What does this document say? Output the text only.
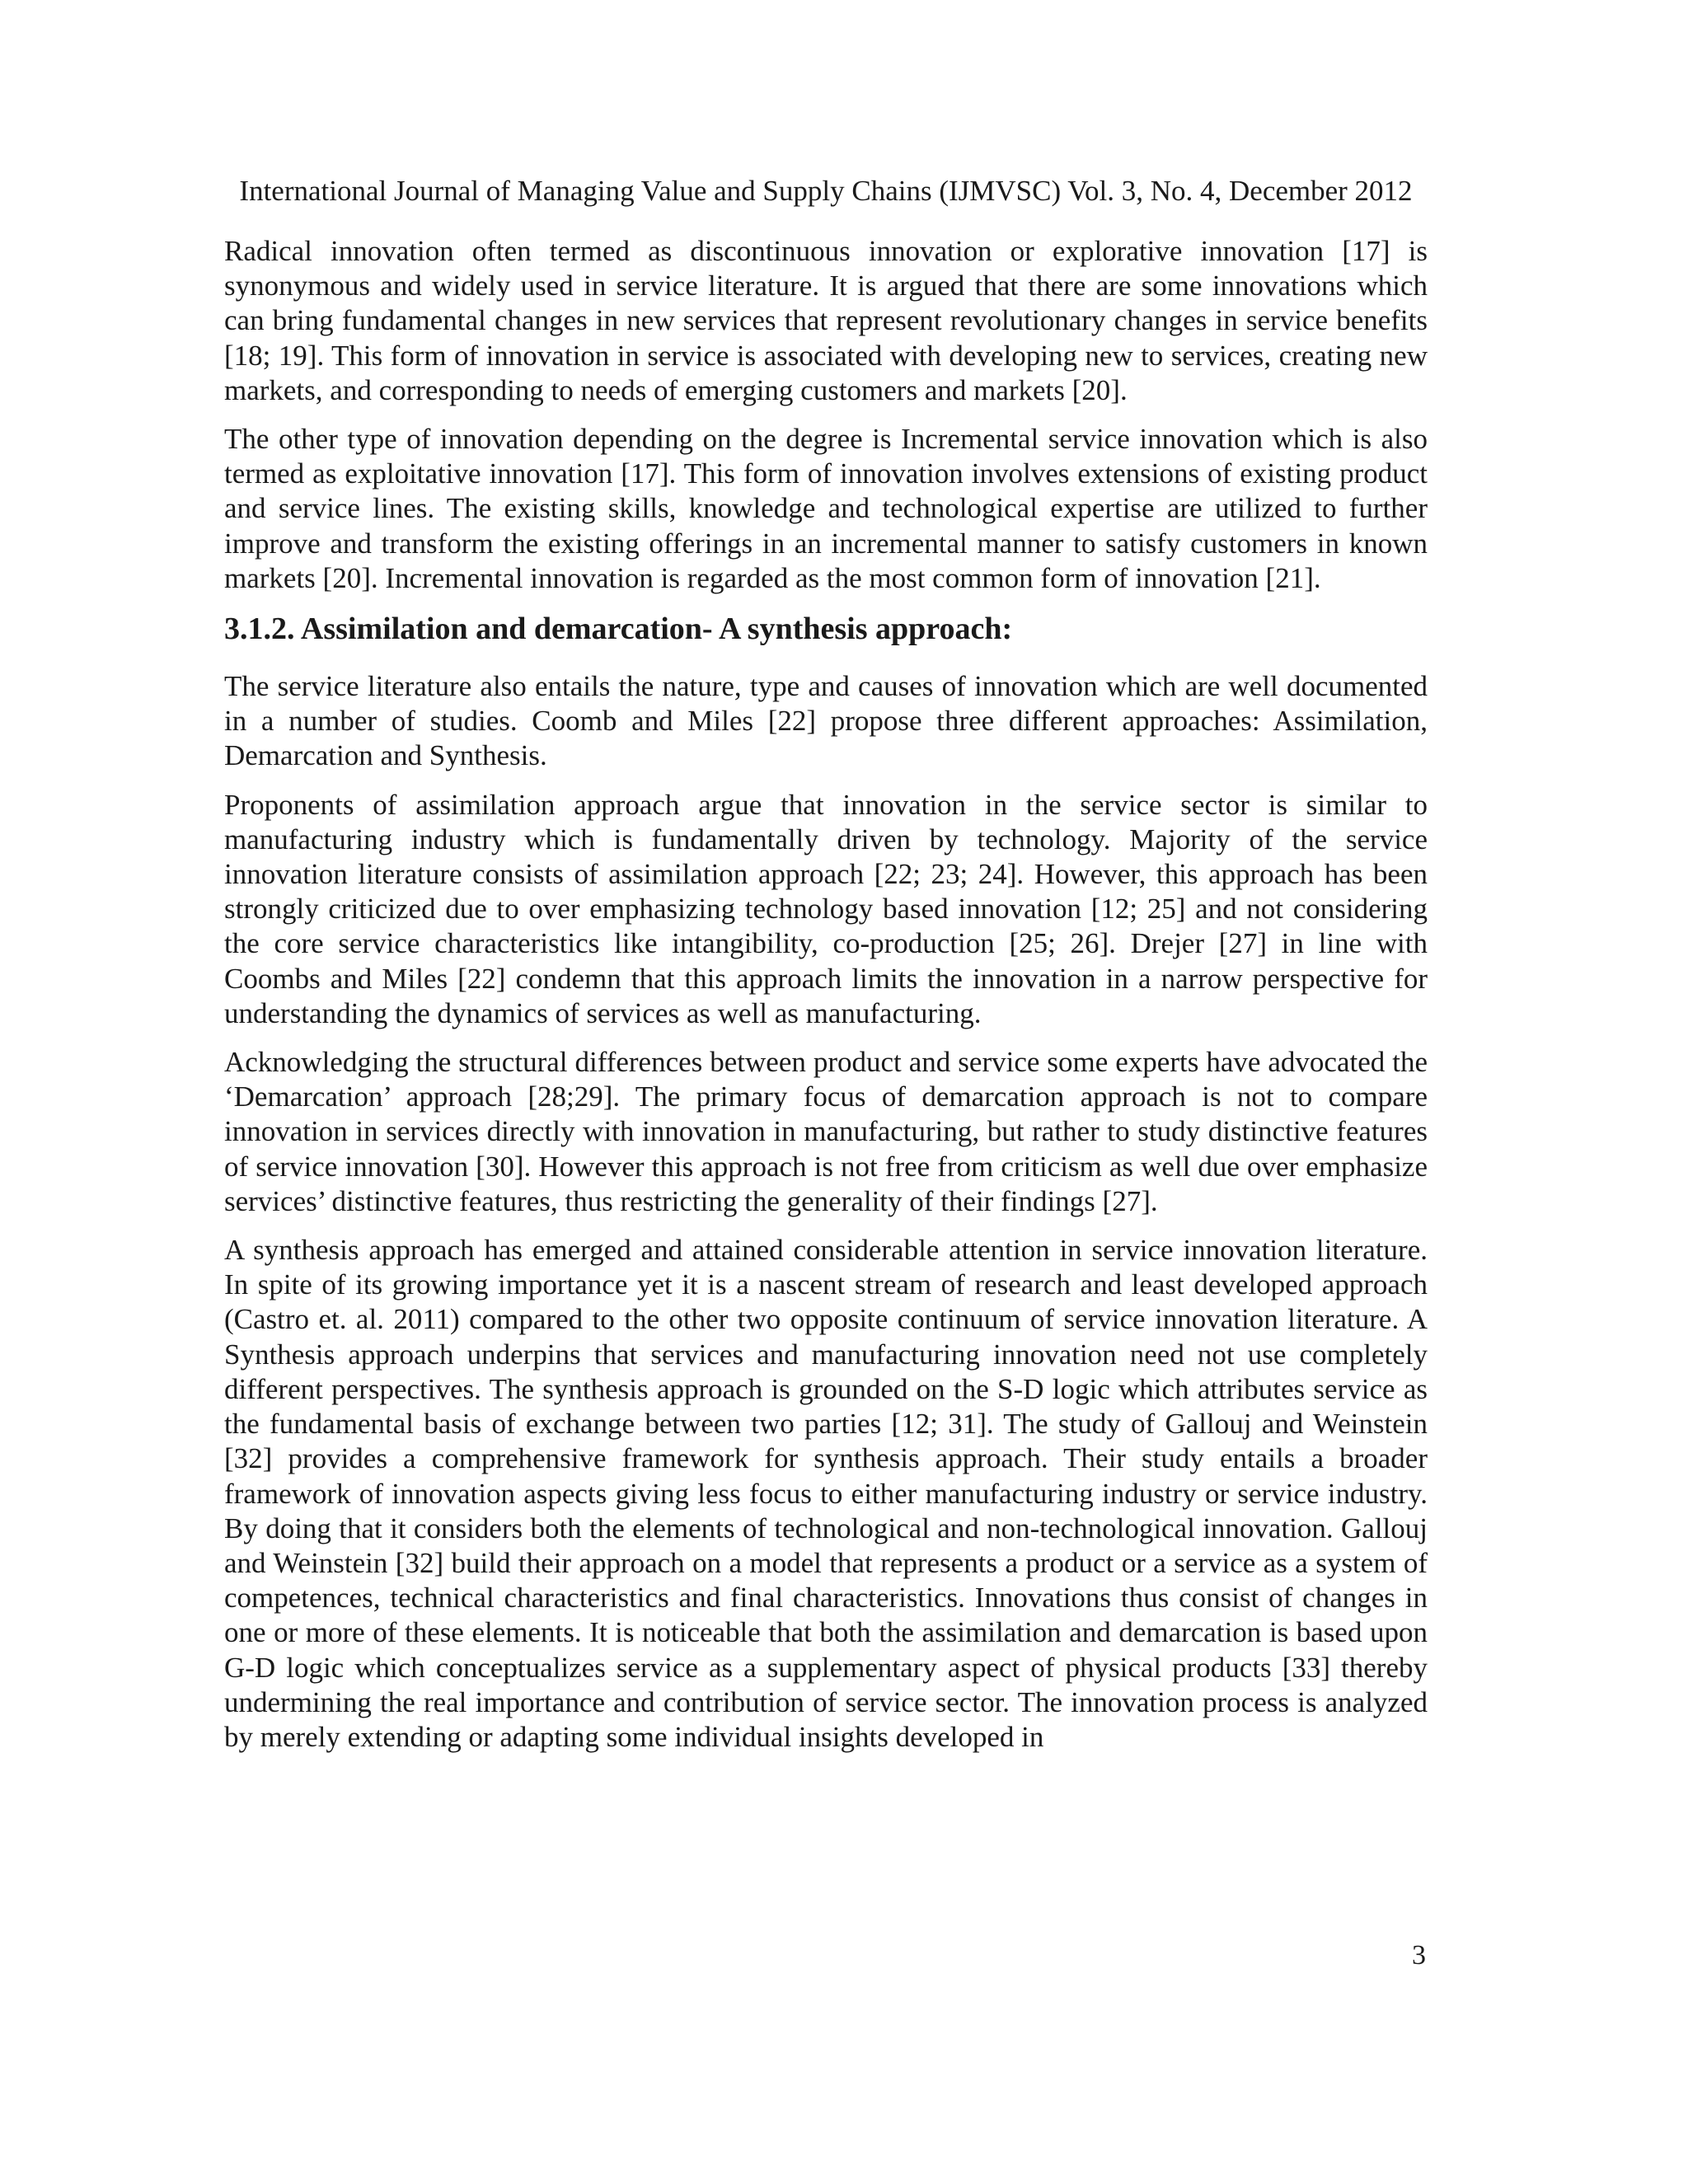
International Journal of Managing Value and Supply Chains (IJMVSC) Vol. 3, No. 4, December 2012

Radical innovation often termed as discontinuous innovation or explorative innovation [17] is synonymous and widely used in service literature. It is argued that there are some innovations which can bring fundamental changes in new services that represent revolutionary changes in service benefits [18; 19]. This form of innovation in service is associated with developing new to services, creating new markets, and corresponding to needs of emerging customers and markets [20].

The other type of innovation depending on the degree is Incremental service innovation which is also termed as exploitative innovation [17]. This form of innovation involves extensions of existing product and service lines. The existing skills, knowledge and technological expertise are utilized to further improve and transform the existing offerings in an incremental manner to satisfy customers in known markets [20]. Incremental innovation is regarded as the most common form of innovation [21].

3.1.2. Assimilation and demarcation- A synthesis approach:

The service literature also entails the nature, type and causes of innovation which are well documented in a number of studies. Coomb and Miles [22] propose three different approaches: Assimilation, Demarcation and Synthesis.

Proponents of assimilation approach argue that innovation in the service sector is similar to manufacturing industry which is fundamentally driven by technology. Majority of the service innovation literature consists of assimilation approach [22; 23; 24]. However, this approach has been strongly criticized due to over emphasizing technology based innovation [12; 25] and not considering the core service characteristics like intangibility, co-production [25; 26]. Drejer [27] in line with Coombs and Miles [22] condemn that this approach limits the innovation in a narrow perspective for understanding the dynamics of services as well as manufacturing.

Acknowledging the structural differences between product and service some experts have advocated the ‘Demarcation’ approach [28;29]. The primary focus of demarcation approach is not to compare innovation in services directly with innovation in manufacturing, but rather to study distinctive features of service innovation [30]. However this approach is not free from criticism as well due over emphasize services’ distinctive features, thus restricting the generality of their findings [27].

A synthesis approach has emerged and attained considerable attention in service innovation literature. In spite of its growing importance yet it is a nascent stream of research and least developed approach (Castro et. al. 2011) compared to the other two opposite continuum of service innovation literature. A Synthesis approach underpins that services and manufacturing innovation need not use completely different perspectives. The synthesis approach is grounded on the S-D logic which attributes service as the fundamental basis of exchange between two parties [12; 31]. The study of Gallouj and Weinstein [32] provides a comprehensive framework for synthesis approach. Their study entails a broader framework of innovation aspects giving less focus to either manufacturing industry or service industry. By doing that it considers both the elements of technological and non-technological innovation. Gallouj and Weinstein [32] build their approach on a model that represents a product or a service as a system of competences, technical characteristics and final characteristics. Innovations thus consist of changes in one or more of these elements. It is noticeable that both the assimilation and demarcation is based upon G-D logic which conceptualizes service as a supplementary aspect of physical products [33] thereby undermining the real importance and contribution of service sector. The innovation process is analyzed by merely extending or adapting some individual insights developed in

3
